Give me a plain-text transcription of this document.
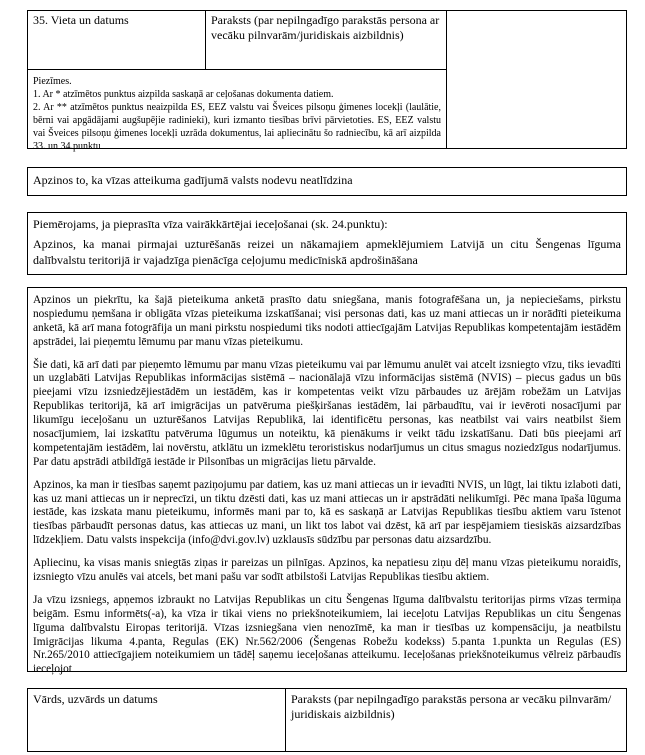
35. Vieta un datums	Paraksts (par nepilngadīgo parakstās persona ar vecāku pilnvarām/juridiskais aizbildnis)

Piezīmes.

1. Ar * atzīmētos punktus aizpilda saskaņā ar ceļošanas dokumenta datiem.

2. Ar ** atzīmētos punktus neaizpilda ES, EEZ valstu vai Šveices pilsoņu ģimenes locekļi (laulātie, bērni vai apgādājami augšupējie radinieki), kuri izmanto tiesības brīvi pārvietoties. ES, EEZ valstu vai Šveices pilsoņu ģimenes locekļi uzrāda dokumentus, lai apliecinātu šo radniecību, kā arī aizpilda 33. un 34.punktu

Apzinos to, ka vīzas atteikuma gadījumā valsts nodevu neatlīdzina
Piemērojams, ja pieprasīta vīza vairākkārtējai ieceļošanai (sk. 24.punktu):
Apzinos, ka manai pirmajai uzturēšanās reizei un nākamajiem apmeklējumiem Latvijā un citu Šengenas līguma dalībvalstu teritorijā ir vajadzīga pienācīga ceļojumu medicīniskā apdrošināšana

Apzinos un piekrītu, ka šajā pieteikuma anketā prasīto datu sniegšana, manis fotografēšana un, ja nepieciešams, pirkstu nospiedumu ņemšana ir obligāta vīzas pieteikuma izskatīšanai; visi personas dati, kas uz mani attiecas un ir norādīti pieteikuma anketā, kā arī mana fotogrāfija un mani pirkstu nospiedumi tiks nodoti attiecīgajām Latvijas Republikas kompetentajām iestādēm apstrādei, lai pieņemtu lēmumu par manu vīzas pieteikumu.

Šie dati, kā arī dati par pieņemto lēmumu par manu vīzas pieteikumu vai par lēmumu anulēt vai atcelt izsniegto vīzu, tiks ievadīti un uzglabāti Latvijas Republikas informācijas sistēmā – nacionālajā vīzu informācijas sistēmā (NVIS) – piecus gadus un būs pieejami vīzu izsniedzējiestādēm un iestādēm, kas ir kompetentas veikt vīzu pārbaudes uz ārējām robežām un Latvijas Republikas teritorijā, kā arī imigrācijas un patvēruma piešķiršanas iestādēm, lai pārbaudītu, vai ir ievēroti nosacījumi par likumīgu ieceļošanu un uzturēšanos Latvijas Republikā, lai identificētu personas, kas neatbilst vai vairs neatbilst šiem nosacījumiem, lai izskatītu patvēruma lūgumus un noteiktu, kā pienākums ir veikt tādu izskatīšanu. Dati būs pieejami arī kompetentajām iestādēm, lai novērstu, atklātu un izmeklētu teroristiskus nodarījumus un citus smagus noziedzīgus nodarījumus. Par datu apstrādi atbildīgā iestāde ir Pilsonības un migrācijas lietu pārvalde.

Apzinos, ka man ir tiesības saņemt paziņojumu par datiem, kas uz mani attiecas un ir ievadīti NVIS, un lūgt, lai tiktu izlaboti dati, kas uz mani attiecas un ir neprecīzi, un tiktu dzēsti dati, kas uz mani attiecas un ir apstrādāti nelikumīgi. Pēc mana īpaša lūguma iestāde, kas izskata manu pieteikumu, informēs mani par to, kā es saskaņā ar Latvijas Republikas tiesību aktiem varu īstenot tiesības pārbaudīt personas datus, kas attiecas uz mani, un likt tos labot vai dzēst, kā arī par iespējamiem tiesiskās aizsardzības līdzekļiem. Datu valsts inspekcija (info@dvi.gov.lv) uzklausīs sūdzību par personas datu aizsardzību.

Apliecinu, ka visas manis sniegtās ziņas ir pareizas un pilnīgas. Apzinos, ka nepatiesu ziņu dēļ manu vīzas pieteikumu noraidīs, izsniegto vīzu anulēs vai atcels, bet mani pašu var sodīt atbilstoši Latvijas Republikas tiesību aktiem.

Ja vīzu izsniegs, apņemos izbraukt no Latvijas Republikas un citu Šengenas līguma dalībvalstu teritorijas pirms vīzas termiņa beigām. Esmu informēts(-a), ka vīza ir tikai viens no priekšnoteikumiem, lai ieceļotu Latvijas Republikas un citu Šengenas līguma dalībvalstu Eiropas teritorijā. Vīzas izsniegšana vien nenozīmē, ka man ir tiesības uz kompensāciju, ja neatbilstu Imigrācijas likuma 4.panta, Regulas (EK) Nr.562/2006 (Šengenas Robežu kodekss) 5.panta 1.punkta un Regulas (ES) Nr.265/2010 attiecīgajiem noteikumiem un tādēļ saņemu ieceļošanas atteikumu. Ieceļošanas priekšnoteikumus vēlreiz pārbaudīs ieceļojot

Vārds, uzvārds un datums	Paraksts (par nepilngadīgo parakstās persona ar vecāku pilnvarām/ juridiskais aizbildnis)
